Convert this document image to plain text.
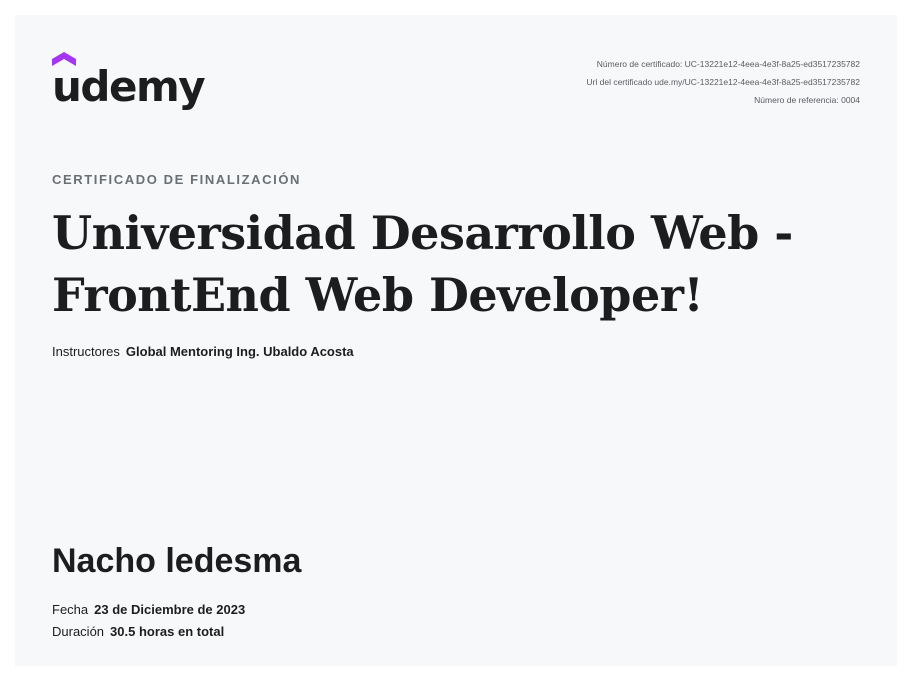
udemy	Número de certificado: UC-13221e12-4eea-4e3f-8a25-ed3517235782
Url del certificado ude.my/UC-13221e12-4eea-4e3f-8a25-ed3517235782
Número de referencia: 0004
CERTIFICADO DE FINALIZACIÓN
Universidad Desarrollo Web - FrontEnd Web Developer!
Instructores Global Mentoring Ing. Ubaldo Acosta
Nacho ledesma
Fecha 23 de Diciembre de 2023
Duración 30.5 horas en total
